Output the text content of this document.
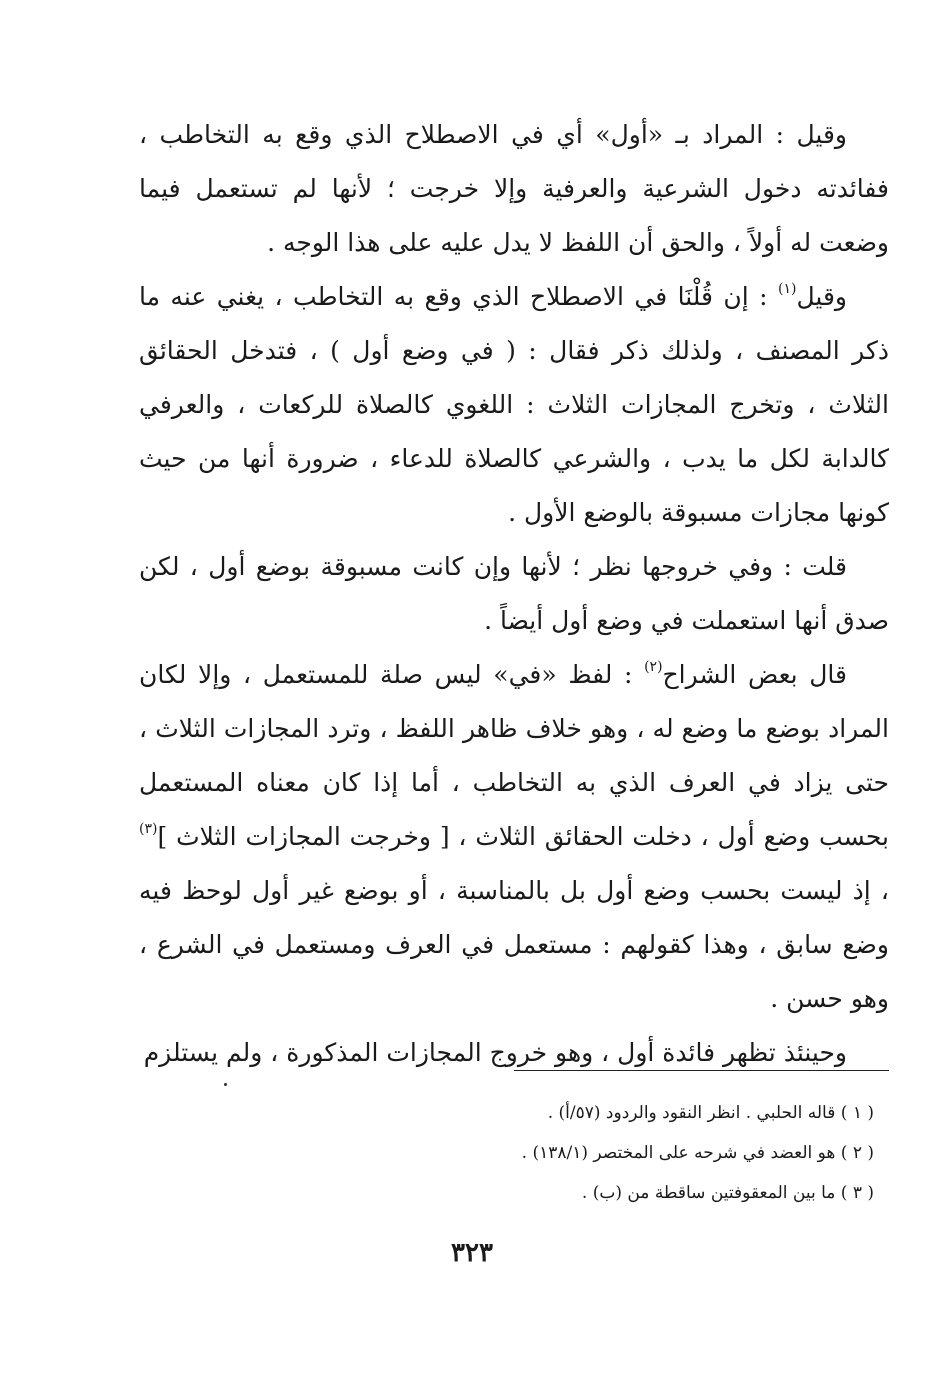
وقيل : المراد بـ «أول» أي في الاصطلاح الذي وقع به التخاطب ، ففائدته دخول الشرعية والعرفية وإلا خرجت ؛ لأنها لم تستعمل فيما وضعت له أولاً ، والحق أن اللفظ لا يدل عليه على هذا الوجه .

وقيل$^{(١)}$ : إن قُلْنَا في الاصطلاح الذي وقع به التخاطب ، يغني عنه ما ذكر المصنف ، ولذلك ذكر فقال : ( في وضع أول ) ، فتدخل الحقائق الثلاث ، وتخرج المجازات الثلاث : اللغوي كالصلاة للركعات ، والعرفي كالدابة لكل ما يدب ، والشرعي كالصلاة للدعاء ، ضرورة أنها من حيث كونها مجازات مسبوقة بالوضع الأول .

قلت : وفي خروجها نظر ؛ لأنها وإن كانت مسبوقة بوضع أول ، لكن صدق أنها استعملت في وضع أول أيضاً .

قال بعض الشراح$^{(٢)}$ : لفظ «في» ليس صلة للمستعمل ، وإلا لكان المراد بوضع ما وضع له ، وهو خلاف ظاهر اللفظ ، وترد المجازات الثلاث ، حتى يزاد في العرف الذي به التخاطب ، أما إذا كان معناه المستعمل بحسب وضع أول ، دخلت الحقائق الثلاث ، [ وخرجت المجازات الثلاث ]$^{(٣)}$ ، إذ ليست بحسب وضع أول بل بالمناسبة ، أو بوضع غير أول لوحظ فيه وضع سابق ، وهذا كقولهم : مستعمل في العرف ومستعمل في الشرع ، وهو حسن .

وحينئذ تظهر فائدة أول ، وهو خروج المجازات المذكورة ، ولم يستلزم

( ١ ) قاله الحلبي . انظر النقود والردود (٥٧/أ) .

( ٢ ) هو العضد في شرحه على المختصر (١٣٨/١) .

( ٣ ) ما بين المعقوفتين ساقطة من (ب) .

٣٢٣
